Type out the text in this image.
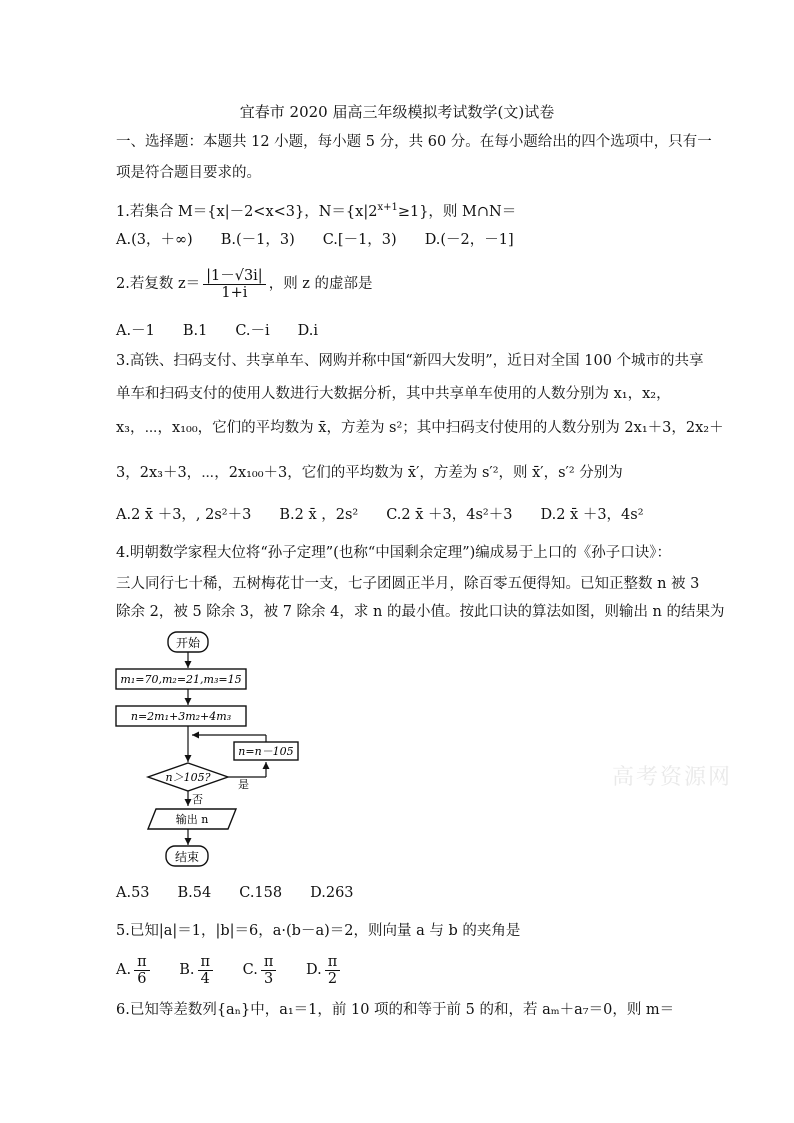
宜春市 2020 届高三年级模拟考试数学(文)试卷
一、选择题：本题共 12 小题，每小题 5 分，共 60 分。在每小题给出的四个选项中，只有一
项是符合题目要求的。
1.若集合 M＝{x|－2<x<3}，$N=\{x|2^{x+1}\ge 1\}$，则 M∩N＝
A.(3，＋∞) B.(－1，3) C.[－1，3) D.(－2，－1]
2.若复数 $z= \frac{|1-√3i|}{1+i}$ ，则 z 的虚部是
A.－1 B.1 C.－i D.i
3.高铁、扫码支付、共享单车、网购并称中国“新四大发明”，近日对全国 100 个城市的共享
单车和扫码支付的使用人数进行大数据分析，其中共享单车使用的人数分别为 x₁，x₂，
x₃，⋯，x₁₀₀，它们的平均数为 x̄，方差为 s²；其中扫码支付使用的人数分别为 2x₁＋3，2x₂＋
3，2x₃＋3，⋯，2x₁₀₀＋3，它们的平均数为 x̄′，方差为 s′²，则 x̄′，s′² 分别为
A.2 x̄ ＋3，, 2s²＋3 B.2 x̄ ，2s² C.2 x̄ ＋3，4s²＋3 D.2 x̄ ＋3，4s²
4.明朝数学家程大位将“孙子定理”(也称“中国剩余定理”)编成易于上口的《孙子口诀》：
三人同行七十稀，五树梅花廿一支，七子团圆正半月，除百零五便得知。已知正整数 n 被 3
除余 2，被 5 除余 3，被 7 除余 4，求 n 的最小值。按此口诀的算法如图，则输出 n 的结果为
开始
m₁=70,m₂=21,m₃=15
n=2m₁+3m₂+4m₃
n=n－105
n＞105?
是
否
输出 n
结束
高考资源网
A.53 B.54 C.158 D.263
5.已知|a|＝1，|b|＝6，a·(b－a)＝2，则向量 a 与 b 的夹角是
A. $\frac{\pi}{6} B$. $\frac{\pi}{4} C$. $\frac{\pi}{3} D$. $\frac{\pi}{2}$
6.已知等差数列{aₙ}中，a₁＝1，前 10 项的和等于前 5 的和，若 aₘ＋a₇＝0，则 m＝
